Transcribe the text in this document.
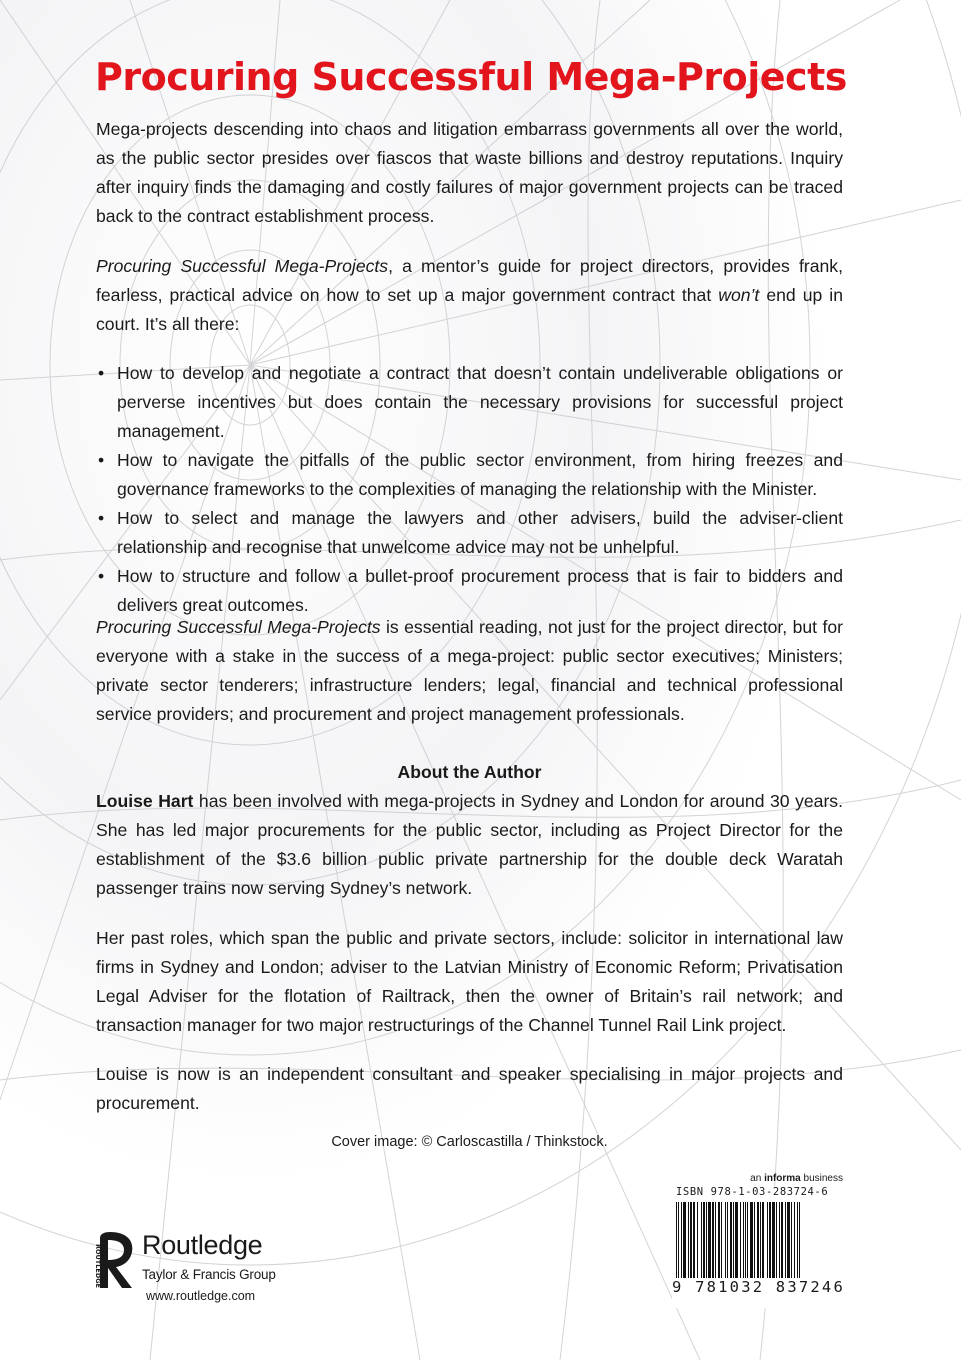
Procuring Successful Mega-Projects

Mega-projects descending into chaos and litigation embarrass governments all over the world, as the public sector presides over fiascos that waste billions and destroy reputations. Inquiry after inquiry finds the damaging and costly failures of major government projects can be traced back to the contract establishment process.

Procuring Successful Mega-Projects, a mentor’s guide for project directors, provides frank, fearless, practical advice on how to set up a major government contract that won’t end up in court. It’s all there:

• How to develop and negotiate a contract that doesn’t contain undeliverable obligations or perverse incentives but does contain the necessary provisions for successful project management.
• How to navigate the pitfalls of the public sector environment, from hiring freezes and governance frameworks to the complexities of managing the relationship with the Minister.
• How to select and manage the lawyers and other advisers, build the adviser-client relationship and recognise that unwelcome advice may not be unhelpful.
• How to structure and follow a bullet-proof procurement process that is fair to bidders and delivers great outcomes.

Procuring Successful Mega-Projects is essential reading, not just for the project director, but for everyone with a stake in the success of a mega-project: public sector executives; Ministers; private sector tenderers; infrastructure lenders; legal, financial and technical professional service providers; and procurement and project management professionals.

About the Author

Louise Hart has been involved with mega-projects in Sydney and London for around 30 years. She has led major procurements for the public sector, including as Project Director for the establishment of the $3.6 billion public private partnership for the double deck Waratah passenger trains now serving Sydney’s network.

Her past roles, which span the public and private sectors, include: solicitor in international law firms in Sydney and London; adviser to the Latvian Ministry of Economic Reform; Privatisation Legal Adviser for the flotation of Railtrack, then the owner of Britain’s rail network; and transaction manager for two major restructurings of the Channel Tunnel Rail Link project.

Louise is now is an independent consultant and speaker specialising in major projects and procurement.

Cover image: © Carloscastilla / Thinkstock.
an informa business
ISBN 978-1-03-283724-6
9 781032 837246
ROUTLEDGE Routledge
Taylor & Francis Group
www.routledge.com
